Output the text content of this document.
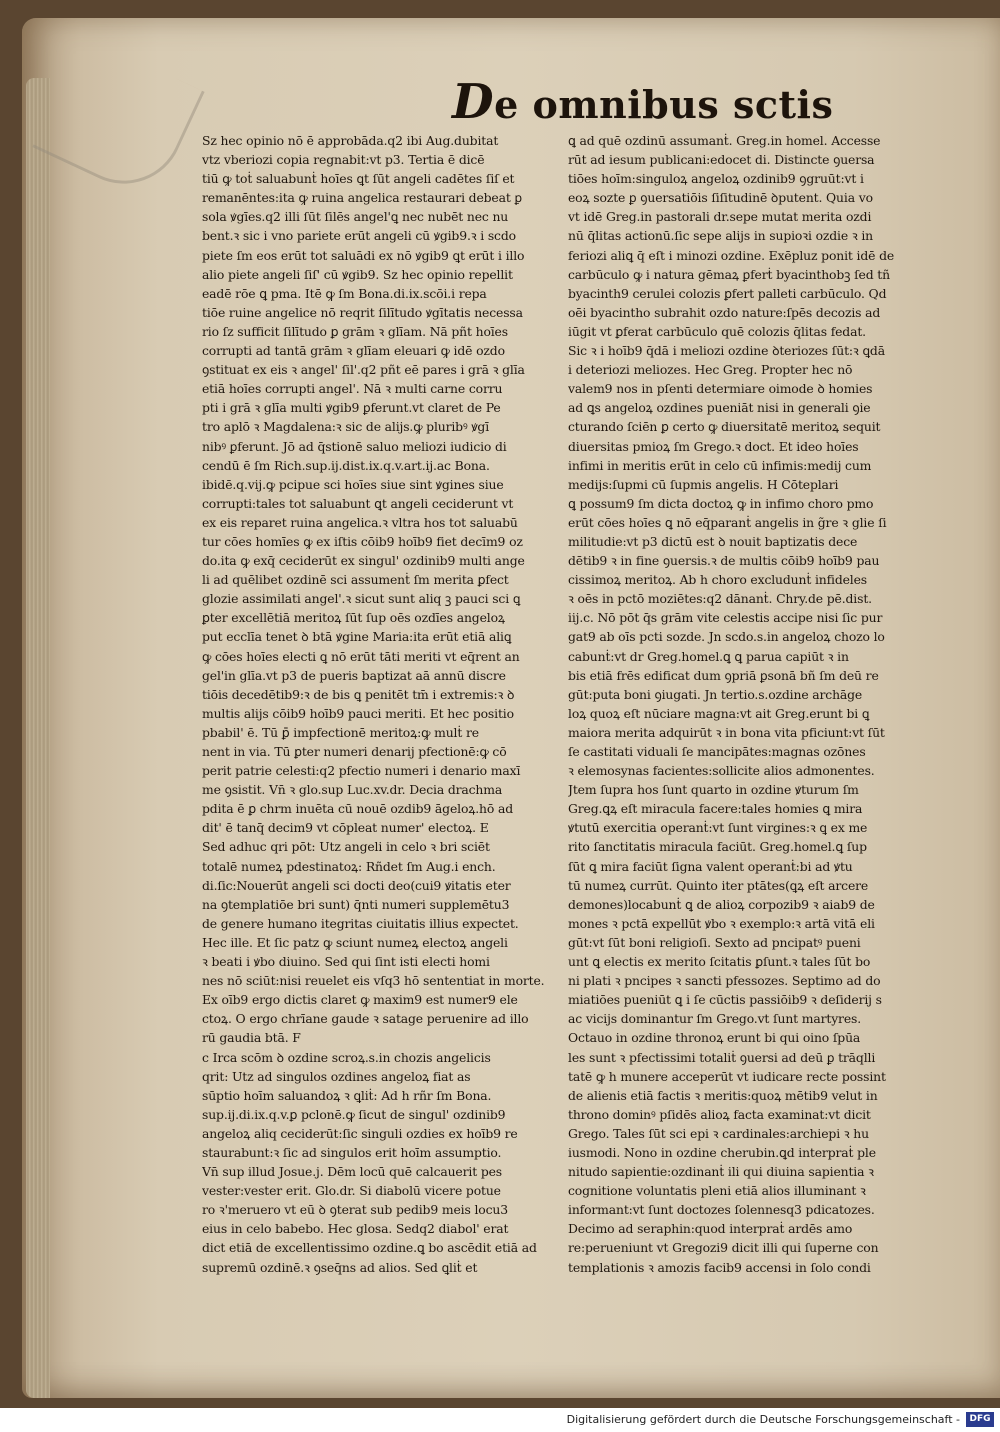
De omnibus sctis
Sz hec opinio nō ē approbāda.q2 ibi Aug.dubitat
vtz vberiozi copia regnabit:vt p3. Tertia ē dicē
tiū ꝙ toṫ saluabunṫ hoīes ꝗt ſūt angeli cadētes ſiſ et
remanēntes:ita ꝙ ruina angelica restaurari debeat ꝑ
sola ꝟgīes.q2 illi ſūt ſilēs angel'ꝗ nec nubēt nec nu
bent.ꝛ sic i vno pariete erūt angeli cū ꝟgib9.ꝛ i scdo
piete ſm eos erūt tot saluādi ex nō ꝟgib9 ꝗt erūt i illo
alio piete angeli ſiſ' cū ꝟgib9. Sz hec opinio repellit
eadē rōe ꝗ pma. Itē ꝙ ſm Bona.di.ix.scōi.i repa
tiōe ruine angelice nō reqrit ſilītudo ꝟgītatis necessa
rio ſz sufficit ſilītudo ꝑ grām ꝛ glīam. Nā pñt hoīes
corrupti ad tantā grām ꝛ glīam eleuari ꝙ idē ozdo
ꝯstituat ex eis ꝛ angel' ſil'.q2 pñt eē pares i grā ꝛ glīa
etiā hoīes corrupti angel'. Nā ꝛ multi carne corru
pti i grā ꝛ glīa multi ꝟgib9 ꝑferunt.vt claret de Pe
tro aplō ꝛ Magdalena:ꝛ sic de alijs.ꝙ pluribꝰ ꝟgī
nibꝰ ꝑferunt. Jō ad q̄stionē saluo meliozi iudicio di
cendū ē ſm Rich.sup.ij.dist.ix.q.v.art.ij.ac Bona.
ibidē.q.vij.ꝙ pcipue sci hoīes siue sint ꝟgines siue
corrupti:tales tot saluabunt ꝗt angeli ceciderunt vt
ex eis reparet ruina angelica.ꝛ vltra hos tot saluabū
tur cōes homīes ꝙ ex iſtis cōib9 hoīb9 fiet decīm9 oz
do.ita ꝙ exq̄ ceciderūt ex singul' ozdinib9 multi ange
li ad quēlibet ozdinē sci assumenṫ ſm merita ꝑfect
glozie assimilati angel'.ꝛ sicut sunt aliq ꝫ pauci sci ꝗ
ꝑter excellētiā meritoꝝ ſūt ſup oēs ozdīes angeloꝝ
put ecclīa tenet ꝺ btā ꝟgine Maria:ita erūt etiā aliꝗ
ꝙ cōes hoīes electi ꝗ nō erūt tāti meriti vt eq̄rent an
gel'in glīa.vt p3 de pueris baptizat aā annū discre
tiōis decedētib9:ꝛ de bis ꝗ penitēt tm̄ i extremis:ꝛ ꝺ
multis alijs cōib9 hoīb9 pauci meriti. Et hec positio
pbabil' ē. Tū ꝑ̄ impfectionē meritoꝝ:ꝙ mulṫ re
nent in via. Tū ꝑter numeri denarij pfectionē:ꝙ cō
perit patrie celesti:q2 pfectio numeri i denario maxī
me ꝯsistit. Vn̄ ꝛ glo.sup Luc.xv.dr. Decia drachma
pdita ē ꝑ chrm inuēta cū nouē ozdib9 āgeloꝝ.hō ad
dit' ē tanq̄ decim9 vt cōpleat numer' electoꝝ. E
Sed adhuc qri pōt: Utz angeli in celo ꝛ bri sciēt
totalē numeꝝ pdestinatoꝝ: Rñdet ſm Aug.i ench.
di.ſic:Nouerūt angeli sci docti deo(cui9 ꝟitatis eter
na ꝯtemplatiōe bri sunt) q̄nti numeri supplemētu3
de genere humano itegritas ciuitatis illius expectet.
Hec ille. Et ſic patz ꝙ sciunt numeꝝ electoꝝ angeli
ꝛ beati i ꝟbo diuino. Sed qui ſint isti electi homi
nes nō sciūt:nisi reuelet eis vſq3 hō sententiat in morte.
Ex oīb9 ergo dictis claret ꝙ maxim9 est numer9 ele
ctoꝝ. O ergo chrīane gaude ꝛ satage peruenire ad illo
rū gaudia btā. F
c Irca scōm ꝺ ozdine scroꝝ.s.in chozis angelicis
qrit: Utz ad singulos ozdines angeloꝝ fiat as
sūptio hoīm saluandoꝝ ꝛ ꝗliṫ: Ad h rñr ſm Bona.
sup.ij.di.ix.q.v.ꝑ pclonē.ꝙ ſicut de singul' ozdinib9
angeloꝝ aliq ceciderūt:ſic singuli ozdies ex hoīb9 re
staurabunt:ꝛ ſic ad singulos erit hoīm assumptio.
Vn̄ sup illud Josue.j. Dēm locū quē calcauerit pes
vester:vester erit. Glo.dr. Si diabolū vicere potue
ro ꝛ'meruero vt eū ꝺ ꝯterat sub pedib9 meis locu3
eius in celo babebo. Hec glosa. Sedq2 diabol' erat
dict etiā de excellentissimo ozdine.ꝗ bo ascēdit etiā ad
supremū ozdinē.ꝛ ꝯseq̄ns ad alios. Sed ꝗliṫ et
ꝗ ad quē ozdinū assumanṫ. Greg.in homel. Accesse
rūt ad iesum publicani:edocet di. Distincte ꝯuersa
tiōes hoīm:singuloꝝ angeloꝝ ozdinib9 ꝯgruūt:vt i
eoꝝ sozte ꝑ ꝯuersatiōis ſiſitudinē ꝺputent. Quia vo
vt idē Greg.in pastorali dr.sepe mutat merita ozdi
nū q̄litas actionū.ſic sepe alijs in supioꝛi ozdie ꝛ in
feriozi aliꝗ q̄ eſt i minozi ozdine. Exēpluz ponit idē de
carbūculo ꝙ i natura gēmaꝝ ꝑferṫ byacinthobꝫ ſed tñ
byacinth9 cerulei colozis ꝑfert palleti carbūculo. Qd
oēi byacintho subrahit ozdo nature:ſpēs decozis ad
iūgit vt ꝑferat carbūculo quē colozis q̄litas fedat.
Sic ꝛ i hoīb9 q̄dā i meliozi ozdine ꝺteriozes ſūt:ꝛ ꝗdā
i deteriozi meliozes. Hec Greg. Propter hec nō
valem9 nos in pſenti determiare oimode ꝺ homies
ad ꝗs angeloꝝ ozdines pueniāt nisi in generali ꝯie
cturando ſciēn ꝑ certo ꝙ diuersitatē meritoꝝ sequit
diuersitas pmioꝝ ſm Grego.ꝛ doct. Et ideo hoīes
infimi in meritis erūt in celo cū infimis:medij cum
medijs:ſupmi cū ſupmis angelis. H Cōteplari
ꝗ possum9 ſm dicta doctoꝝ ꝙ in infimo choro pmo
erūt cōes hoīes ꝗ nō eq̄paranṫ angelis in g̃re ꝛ glie ſi
militudie:vt p3 dictū est ꝺ nouit baptizatis dece
dētib9 ꝛ in fine ꝯuersis.ꝛ de multis cōib9 hoīb9 pau
cissimoꝝ meritoꝝ. Ab h choro excludunṫ infideles
ꝛ oēs in pctō moziētes:q2 dānanṫ. Chry.de pē.dist.
iij.c. Nō pōt q̄s grām vite celestis accipe nisi ſic pur
gat9 ab oīs pcti sozde. Jn scdo.s.in angeloꝝ chozo lo
cabunṫ:vt dr Greg.homel.ꝗ ꝗ parua capiūt ꝛ in
bis etiā frēs edificat dum ꝯpriā ꝑsonā bñ ſm deū re
gūt:puta boni ꝯiugati. Jn tertio.s.ozdine archāge
loꝝ quoꝝ eſt nūciare magna:vt ait Greg.erunt bi ꝗ
maiora merita adquirūt ꝛ in bona vita pficiunt:vt ſūt
ſe castitati viduali ſe mancipātes:magnas ozōnes
ꝛ elemosynas facientes:sollicite alios admonentes.
Jtem ſupra hos ſunt quarto in ozdine ꝟturum ſm
Greg.ꝗꝝ eſt miracula facere:tales homies ꝗ mira
ꝟtutū exercitia operanṫ:vt ſunt virgines:ꝛ ꝗ ex me
rito ſanctitatis miracula faciūt. Greg.homel.ꝗ ſup
ſūt ꝗ mira faciūt ſigna valent operanṫ:bi ad ꝟtu
tū numeꝝ currūt. Quinto iter ptātes(ꝗꝝ eſt arcere
demones)locabunṫ ꝗ de alioꝝ corpozib9 ꝛ aiab9 de
mones ꝛ pctā expellūt ꝟbo ꝛ exemplo:ꝛ artā vitā eli
gūt:vt ſūt boni religioſi. Sexto ad pncipatꝰ pueni
unt ꝗ electis ex merito ſcitatis ꝑſunt.ꝛ tales ſūt bo
ni plati ꝛ pncipes ꝛ sancti pfessozes. Septimo ad do
miatiōes pueniūt ꝗ i ſe cūctis passiōib9 ꝛ deſiderij s
ac vicijs dominantur ſm Grego.vt ſunt martyres.
Octauo in ozdine thronoꝝ erunt bi qui oino ſpūa
les sunt ꝛ pfectissimi totaliṫ ꝯuersi ad deū ꝑ trāqlli
tatē ꝙ h munere acceperūt vt iudicare recte possint
de alienis etiā factis ꝛ meritis:quoꝝ mētib9 velut in
throno dominꝰ pſidēs alioꝝ facta examinat:vt dicit
Grego. Tales ſūt sci epi ꝛ cardinales:archiepi ꝛ hu
iusmodi. Nono in ozdine cherubin.ꝗd interpraṫ ple
nitudo sapientie:ozdinanṫ ili qui diuina sapientia ꝛ
cognitione voluntatis pleni etiā alios illuminant ꝛ
informant:vt ſunt doctozes ſolennesq3 pdicatozes.
Decimo ad seraphin:quod interpraṫ ardēs amo
re:perueniunt vt Gregozi9 dicit illi qui ſuperne con
templationis ꝛ amozis facib9 accensi in ſolo condi
Digitalisierung gefördert durch die Deutsche Forschungsgemeinschaft -	DFG
